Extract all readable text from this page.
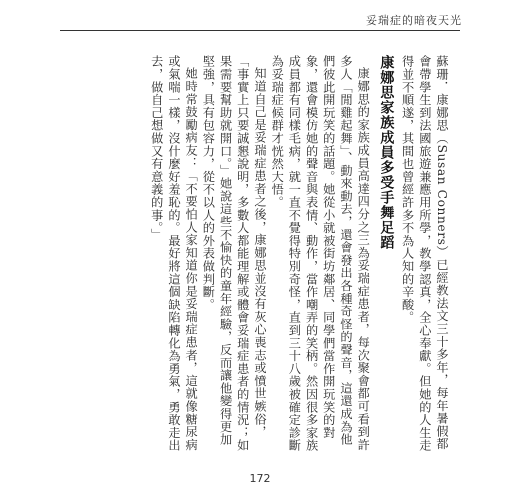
妥瑞症的暗夜天光

蘇珊．康娜思（Susan Conners）已經教法文三十多年，每年暑假都會帶學生到法國旅遊兼應用所學，教學認真，全心奉獻。但她的人生走得並不順遂，其間也曾經許多不為人知的辛酸。

康娜思家族成員多受手舞足蹈

康娜思的家族成員高達四分之三為妥瑞症患者，每次聚會都可看到許多人「閒雞起舞」、動來動去，還會發出各種奇怪的聲音，這還成為他們彼此開玩笑的話題。她從小就被街坊鄰居、同學們當作開玩笑的對象，還會模仿她的聲音與表情、動作，當作嘲弄的笑柄。然因很多家族成員都有同樣毛病，就一直不覺得特別奇怪，直到三十八歲被確定診斷為妥瑞症候群才恍然大悟。

知道自己是妥瑞症患者之後，康娜思並沒有灰心喪志或憤世嫉俗，「事實上只要誠懇說明，多數人都能理解或體會妥瑞症患者的情況；如果需要幫助就開口。」她說這些不愉快的童年經驗，反而讓他變得更加堅強，具有包容力，從不以人的外表做判斷。

她時常鼓勵病友：「不要怕人家知道你是妥瑞症患者，這就像糖尿病或氣喘一樣，沒什麼好羞恥的。最好將這個缺陷轉化為勇氣，勇敢走出去，做自己想做又有意義的事。」

172
